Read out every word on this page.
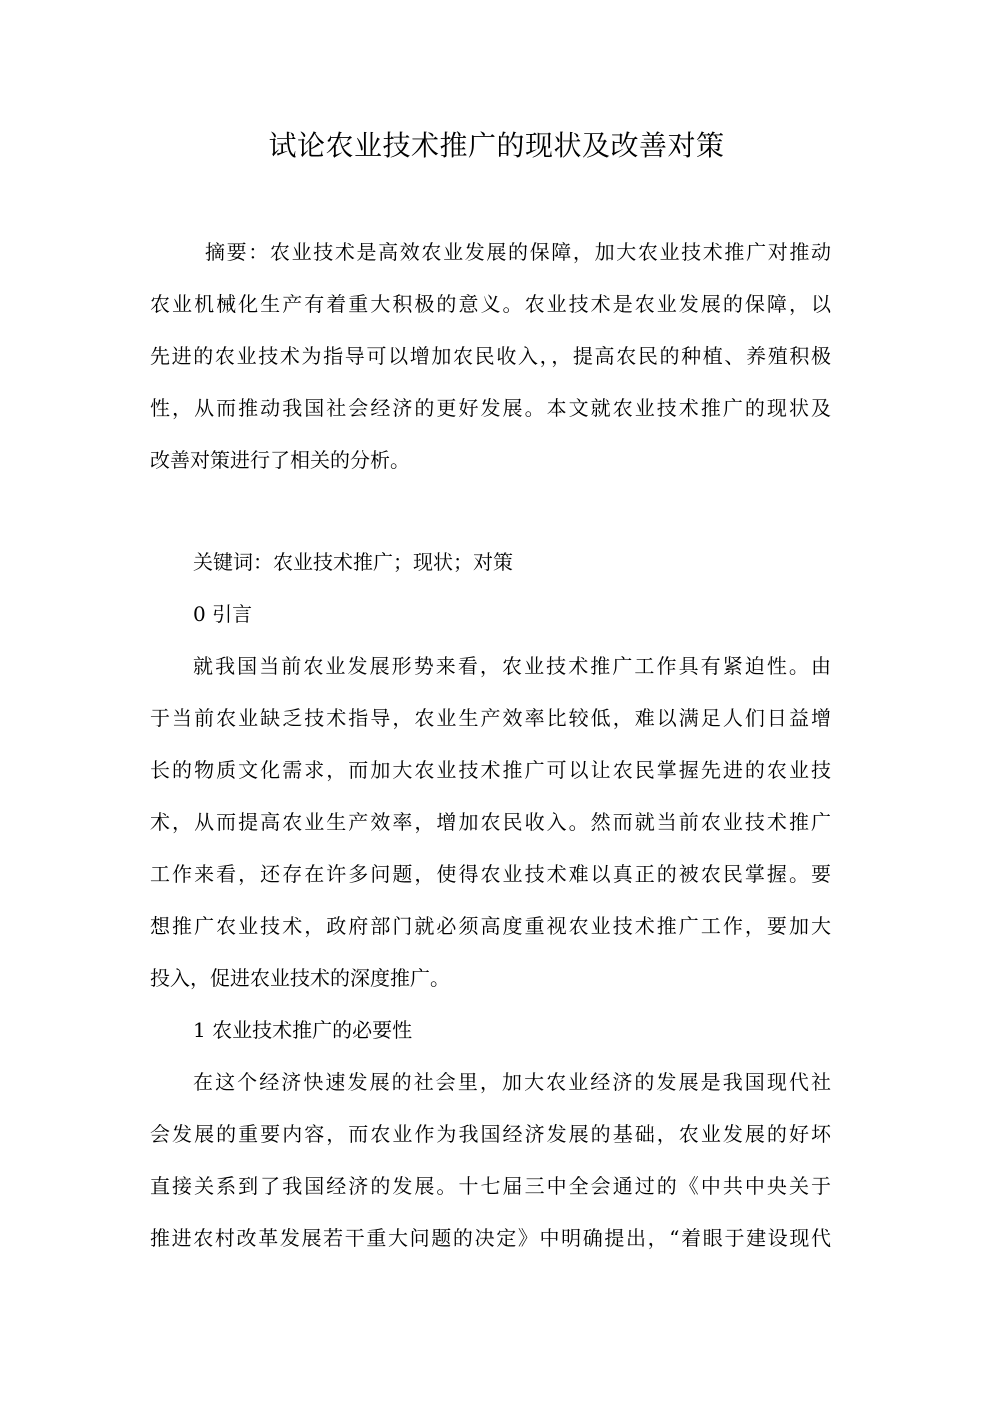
试论农业技术推广的现状及改善对策
摘要：农业技术是高效农业发展的保障，加大农业技术推广对推动
农业机械化生产有着重大积极的意义。农业技术是农业发展的保障，以
先进的农业技术为指导可以增加农民收入，，提高农民的种植、养殖积极
性，从而推动我国社会经济的更好发展。本文就农业技术推广的现状及
改善对策进行了相关的分析。
关键词：农业技术推广；现状；对策
0 引言
就我国当前农业发展形势来看，农业技术推广工作具有紧迫性。由
于当前农业缺乏技术指导，农业生产效率比较低，难以满足人们日益增
长的物质文化需求，而加大农业技术推广可以让农民掌握先进的农业技
术，从而提高农业生产效率，增加农民收入。然而就当前农业技术推广
工作来看，还存在许多问题，使得农业技术难以真正的被农民掌握。要
想推广农业技术，政府部门就必须高度重视农业技术推广工作，要加大
投入，促进农业技术的深度推广。
1 农业技术推广的必要性
在这个经济快速发展的社会里，加大农业经济的发展是我国现代社
会发展的重要内容，而农业作为我国经济发展的基础，农业发展的好坏
直接关系到了我国经济的发展。十七届三中全会通过的《中共中央关于
推进农村改革发展若干重大问题的决定》中明确提出，“着眼于建设现代
